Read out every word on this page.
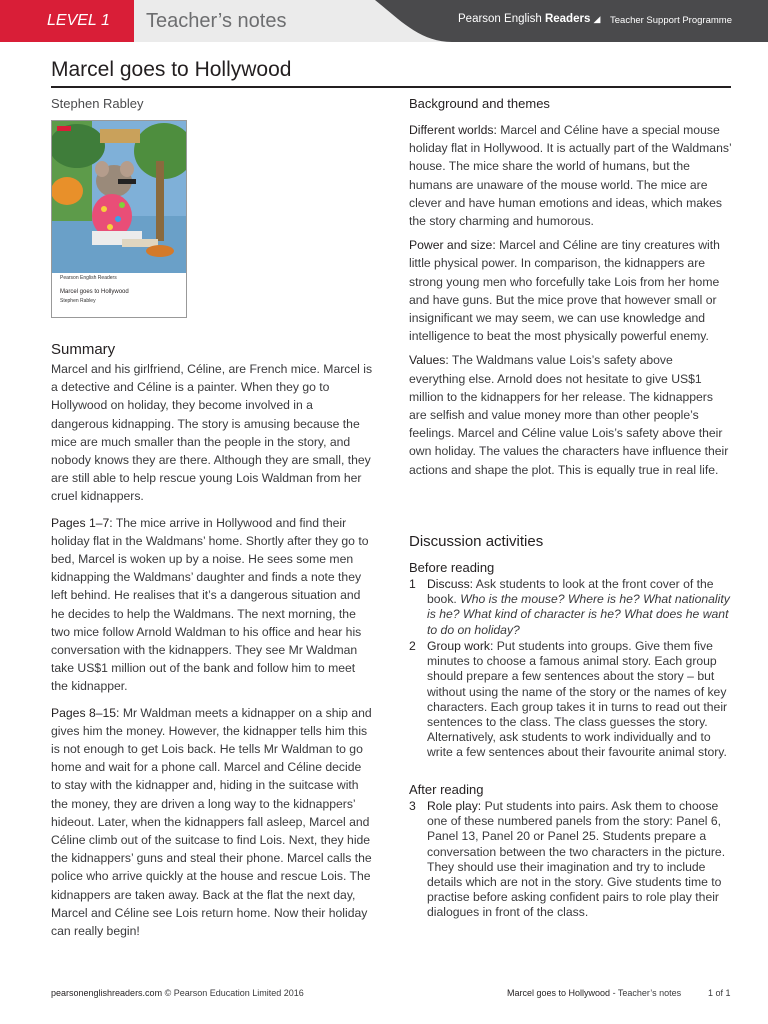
LEVEL 1	Teacher’s notes	Pearson English Readers ◢ Teacher Support Programme
Marcel goes to Hollywood
Stephen Rabley
Pearson English Readers
Marcel goes to Hollywood
Stephen Rabley
Summary

Marcel and his girlfriend, Céline, are French mice. Marcel is a detective and Céline is a painter. When they go to Hollywood on holiday, they become involved in a dangerous kidnapping. The story is amusing because the mice are much smaller than the people in the story, and nobody knows they are there. Although they are small, they are still able to help rescue young Lois Waldman from her cruel kidnappers.

Pages 1–7: The mice arrive in Hollywood and find their holiday flat in the Waldmans’ home. Shortly after they go to bed, Marcel is woken up by a noise. He sees some men kidnapping the Waldmans’ daughter and finds a note they left behind. He realises that it’s a dangerous situation and he decides to help the Waldmans. The next morning, the two mice follow Arnold Waldman to his office and hear his conversation with the kidnappers. They see Mr Waldman take US$1 million out of the bank and follow him to meet the kidnapper.

Pages 8–15: Mr Waldman meets a kidnapper on a ship and gives him the money. However, the kidnapper tells him this is not enough to get Lois back. He tells Mr Waldman to go home and wait for a phone call. Marcel and Céline decide to stay with the kidnapper and, hiding in the suitcase with the money, they are driven a long way to the kidnappers’ hideout. Later, when the kidnappers fall asleep, Marcel and Céline climb out of the suitcase to find Lois. Next, they hide the kidnappers’ guns and steal their phone. Marcel calls the police who arrive quickly at the house and rescue Lois. The kidnappers are taken away. Back at the flat the next day, Marcel and Céline see Lois return home. Now their holiday can really begin!

Background and themes

Different worlds: Marcel and Céline have a special mouse holiday flat in Hollywood. It is actually part of the Waldmans’ house. The mice share the world of humans, but the humans are unaware of the mouse world. The mice are clever and have human emotions and ideas, which makes the story charming and humorous.

Power and size: Marcel and Céline are tiny creatures with little physical power. In comparison, the kidnappers are strong young men who forcefully take Lois from her home and have guns. But the mice prove that however small or insignificant we may seem, we can use knowledge and intelligence to beat the most physically powerful enemy.

Values: The Waldmans value Lois’s safety above everything else. Arnold does not hesitate to give US$1 million to the kidnappers for her release. The kidnappers are selfish and value money more than other people’s feelings. Marcel and Céline value Lois’s safety above their own holiday. The values the characters have influence their actions and shape the plot. This is equally true in real life.

Discussion activities
Before reading
1 Discuss: Ask students to look at the front cover of the book. Who is the mouse? Where is he? What nationality is he? What kind of character is he? What does he want to do on holiday?
2 Group work: Put students into groups. Give them five minutes to choose a famous animal story. Each group should prepare a few sentences about the story – but without using the name of the story or the names of key characters. Each group takes it in turns to read out their sentences to the class. The class guesses the story. Alternatively, ask students to work individually and to write a few sentences about their favourite animal story.
After reading
3 Role play: Put students into pairs. Ask them to choose one of these numbered panels from the story: Panel 6, Panel 13, Panel 20 or Panel 25. Students prepare a conversation between the two characters in the picture. They should use their imagination and try to include details which are not in the story. Give students time to practise before asking confident pairs to role play their dialogues in front of the class.
pearsonenglishreaders.com © Pearson Education Limited 2016	Marcel goes to Hollywood - Teacher’s notes	1 of 1
